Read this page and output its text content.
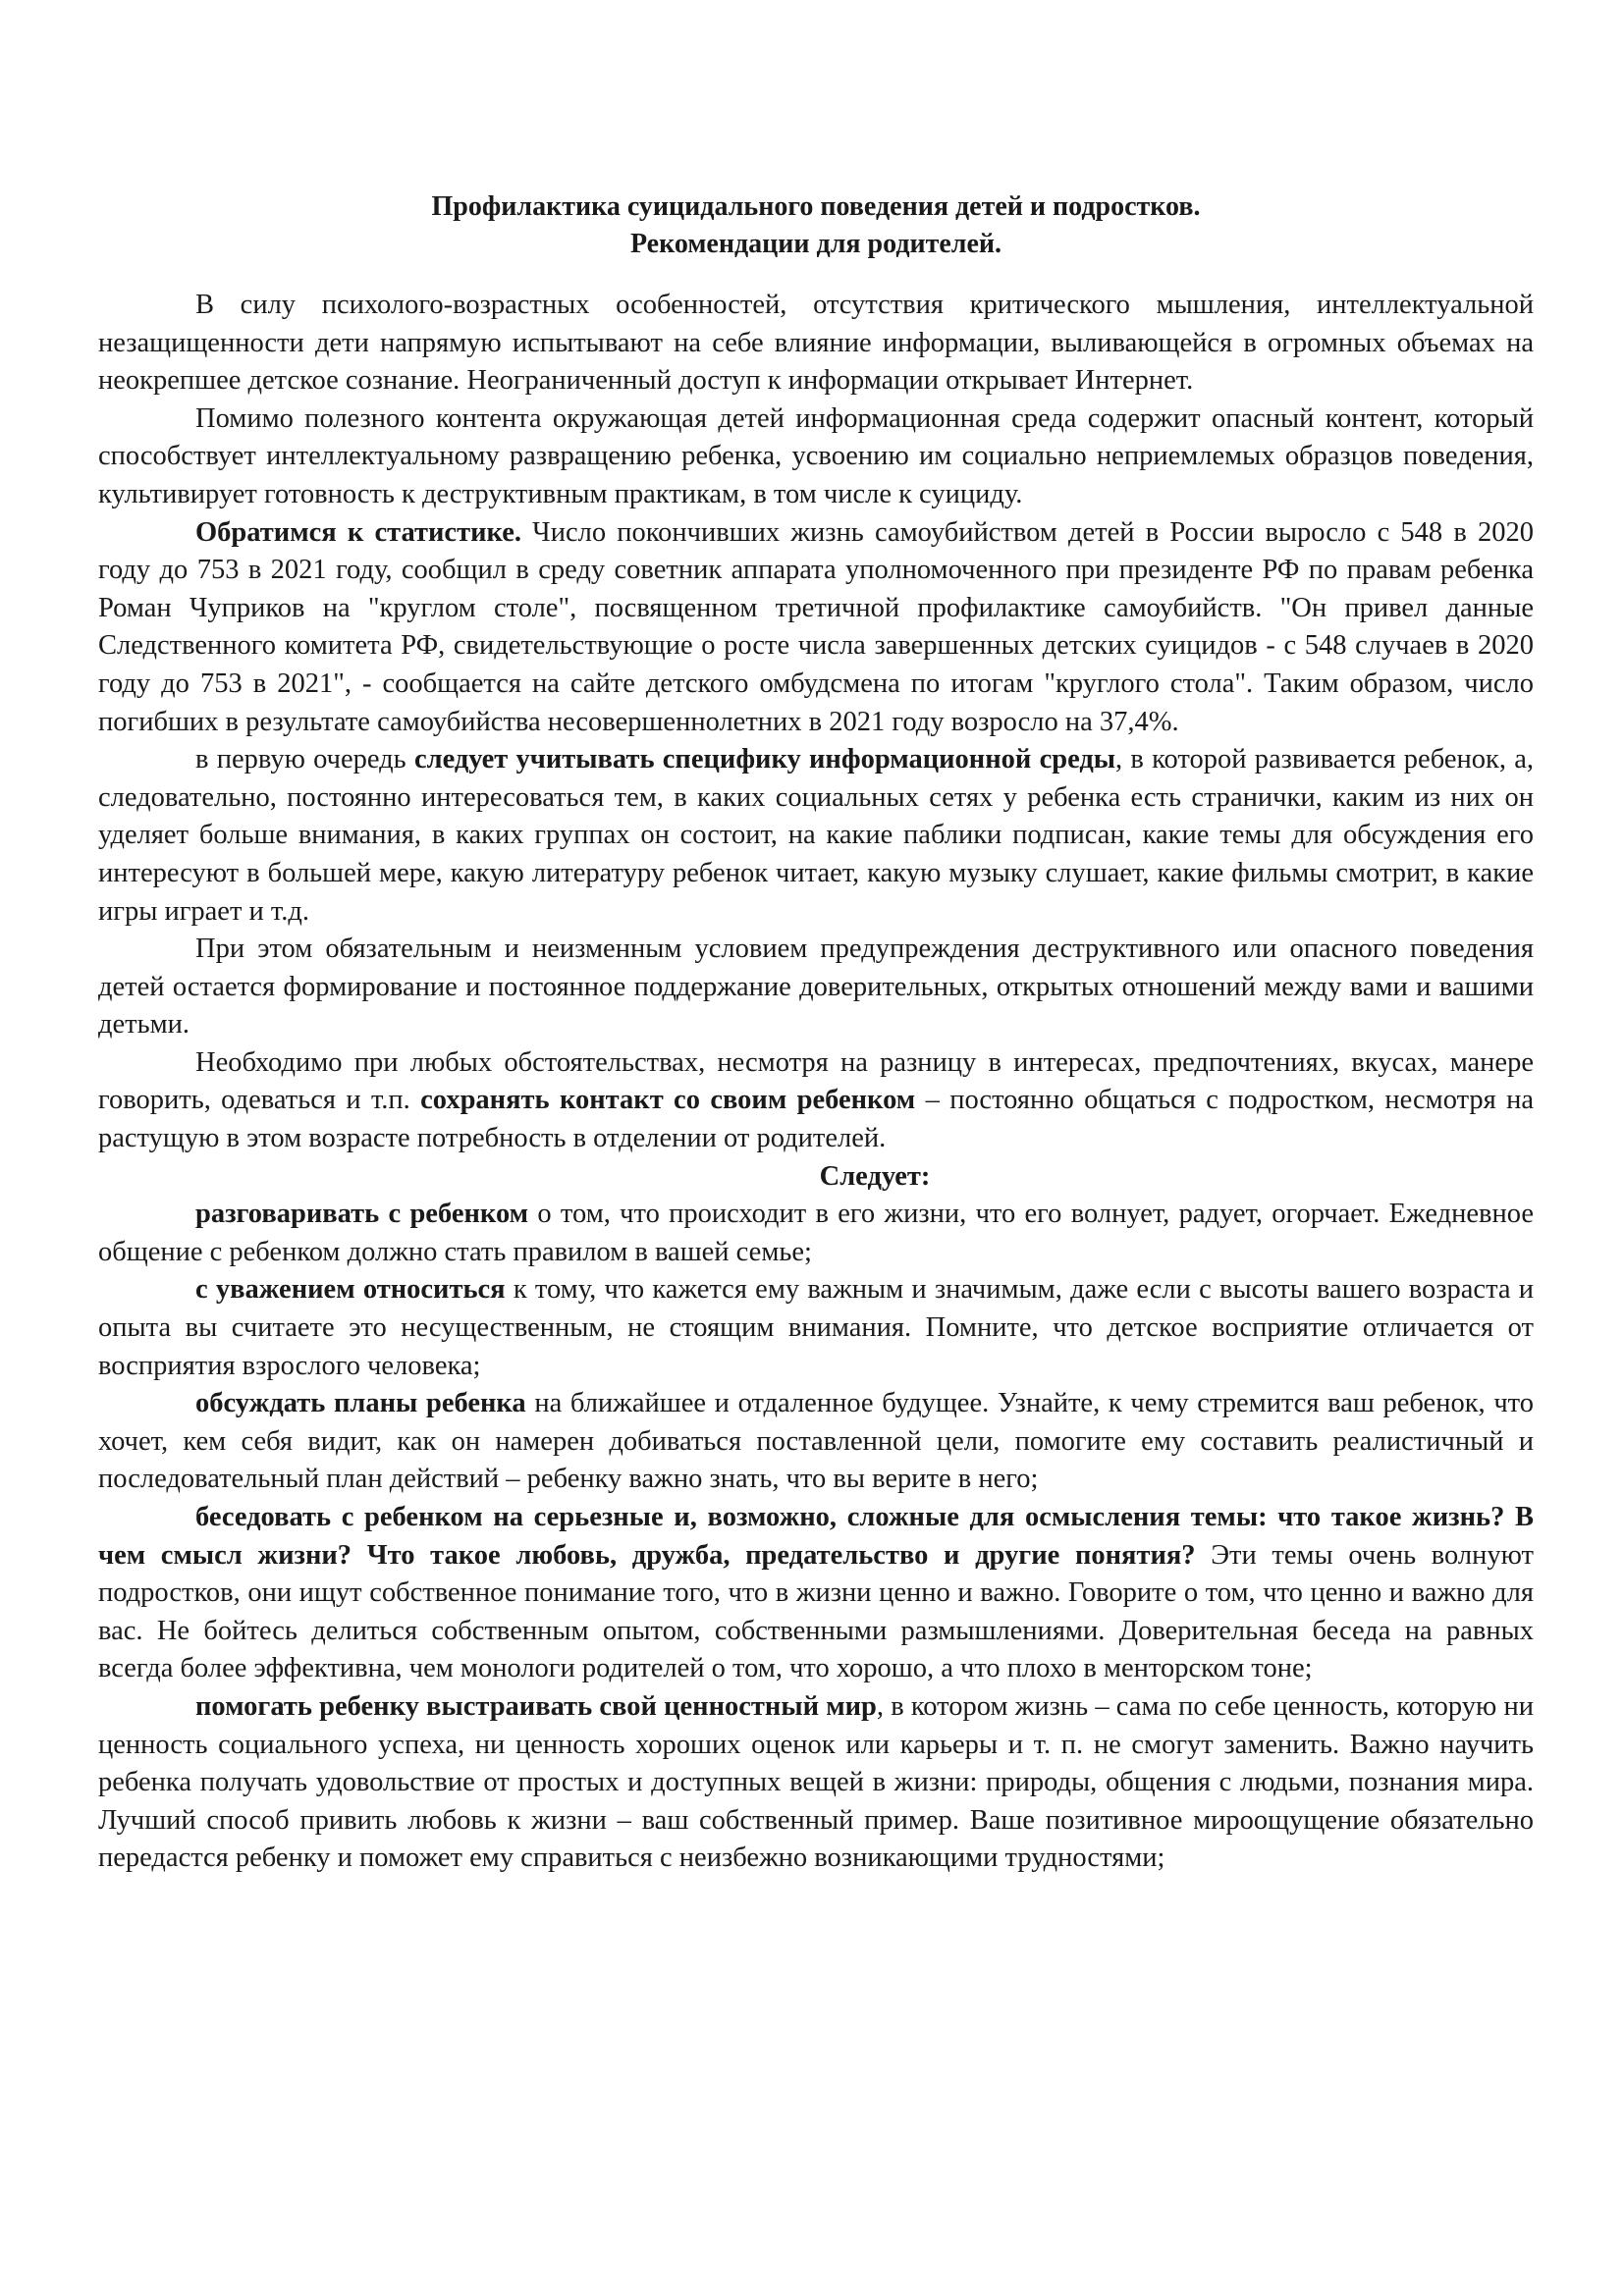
Профилактика суицидального поведения детей и подростков.
Рекомендации для родителей.

В силу психолого-возрастных особенностей, отсутствия критического мышления, интеллектуальной незащищенности дети напрямую испытывают на себе влияние информации, выливающейся в огромных объемах на неокрепшее детское сознание. Неограниченный доступ к информации открывает Интернет.

Помимо полезного контента окружающая детей информационная среда содержит опасный контент, который способствует интеллектуальному развращению ребенка, усвоению им социально неприемлемых образцов поведения, культивирует готовность к деструктивным практикам, в том числе к суициду.

Обратимся к статистике. Число покончивших жизнь самоубийством детей в России выросло с 548 в 2020 году до 753 в 2021 году, сообщил в среду советник аппарата уполномоченного при президенте РФ по правам ребенка Роман Чуприков на "круглом столе", посвященном третичной профилактике самоубийств. "Он привел данные Следственного комитета РФ, свидетельствующие о росте числа завершенных детских суицидов - с 548 случаев в 2020 году до 753 в 2021", - сообщается на сайте детского омбудсмена по итогам "круглого стола". Таким образом, число погибших в результате самоубийства несовершеннолетних в 2021 году возросло на 37,4%.

в первую очередь следует учитывать специфику информационной среды, в которой развивается ребенок, а, следовательно, постоянно интересоваться тем, в каких социальных сетях у ребенка есть странички, каким из них он уделяет больше внимания, в каких группах он состоит, на какие паблики подписан, какие темы для обсуждения его интересуют в большей мере, какую литературу ребенок читает, какую музыку слушает, какие фильмы смотрит, в какие игры играет и т.д.

При этом обязательным и неизменным условием предупреждения деструктивного или опасного поведения детей остается формирование и постоянное поддержание доверительных, открытых отношений между вами и вашими детьми.

Необходимо при любых обстоятельствах, несмотря на разницу в интересах, предпочтениях, вкусах, манере говорить, одеваться и т.п. сохранять контакт со своим ребенком – постоянно общаться с подростком, несмотря на растущую в этом возрасте потребность в отделении от родителей.

Следует:

разговаривать с ребенком о том, что происходит в его жизни, что его волнует, радует, огорчает. Ежедневное общение с ребенком должно стать правилом в вашей семье;

с уважением относиться к тому, что кажется ему важным и значимым, даже если с высоты вашего возраста и опыта вы считаете это несущественным, не стоящим внимания. Помните, что детское восприятие отличается от восприятия взрослого человека;

обсуждать планы ребенка на ближайшее и отдаленное будущее. Узнайте, к чему стремится ваш ребенок, что хочет, кем себя видит, как он намерен добиваться поставленной цели, помогите ему составить реалистичный и последовательный план действий – ребенку важно знать, что вы верите в него;

беседовать с ребенком на серьезные и, возможно, сложные для осмысления темы: что такое жизнь? В чем смысл жизни? Что такое любовь, дружба, предательство и другие понятия? Эти темы очень волнуют подростков, они ищут собственное понимание того, что в жизни ценно и важно. Говорите о том, что ценно и важно для вас. Не бойтесь делиться собственным опытом, собственными размышлениями. Доверительная беседа на равных всегда более эффективна, чем монологи родителей о том, что хорошо, а что плохо в менторском тоне;

помогать ребенку выстраивать свой ценностный мир, в котором жизнь – сама по себе ценность, которую ни ценность социального успеха, ни ценность хороших оценок или карьеры и т. п. не смогут заменить. Важно научить ребенка получать удовольствие от простых и доступных вещей в жизни: природы, общения с людьми, познания мира. Лучший способ привить любовь к жизни – ваш собственный пример. Ваше позитивное мироощущение обязательно передастся ребенку и поможет ему справиться с неизбежно возникающими трудностями;
